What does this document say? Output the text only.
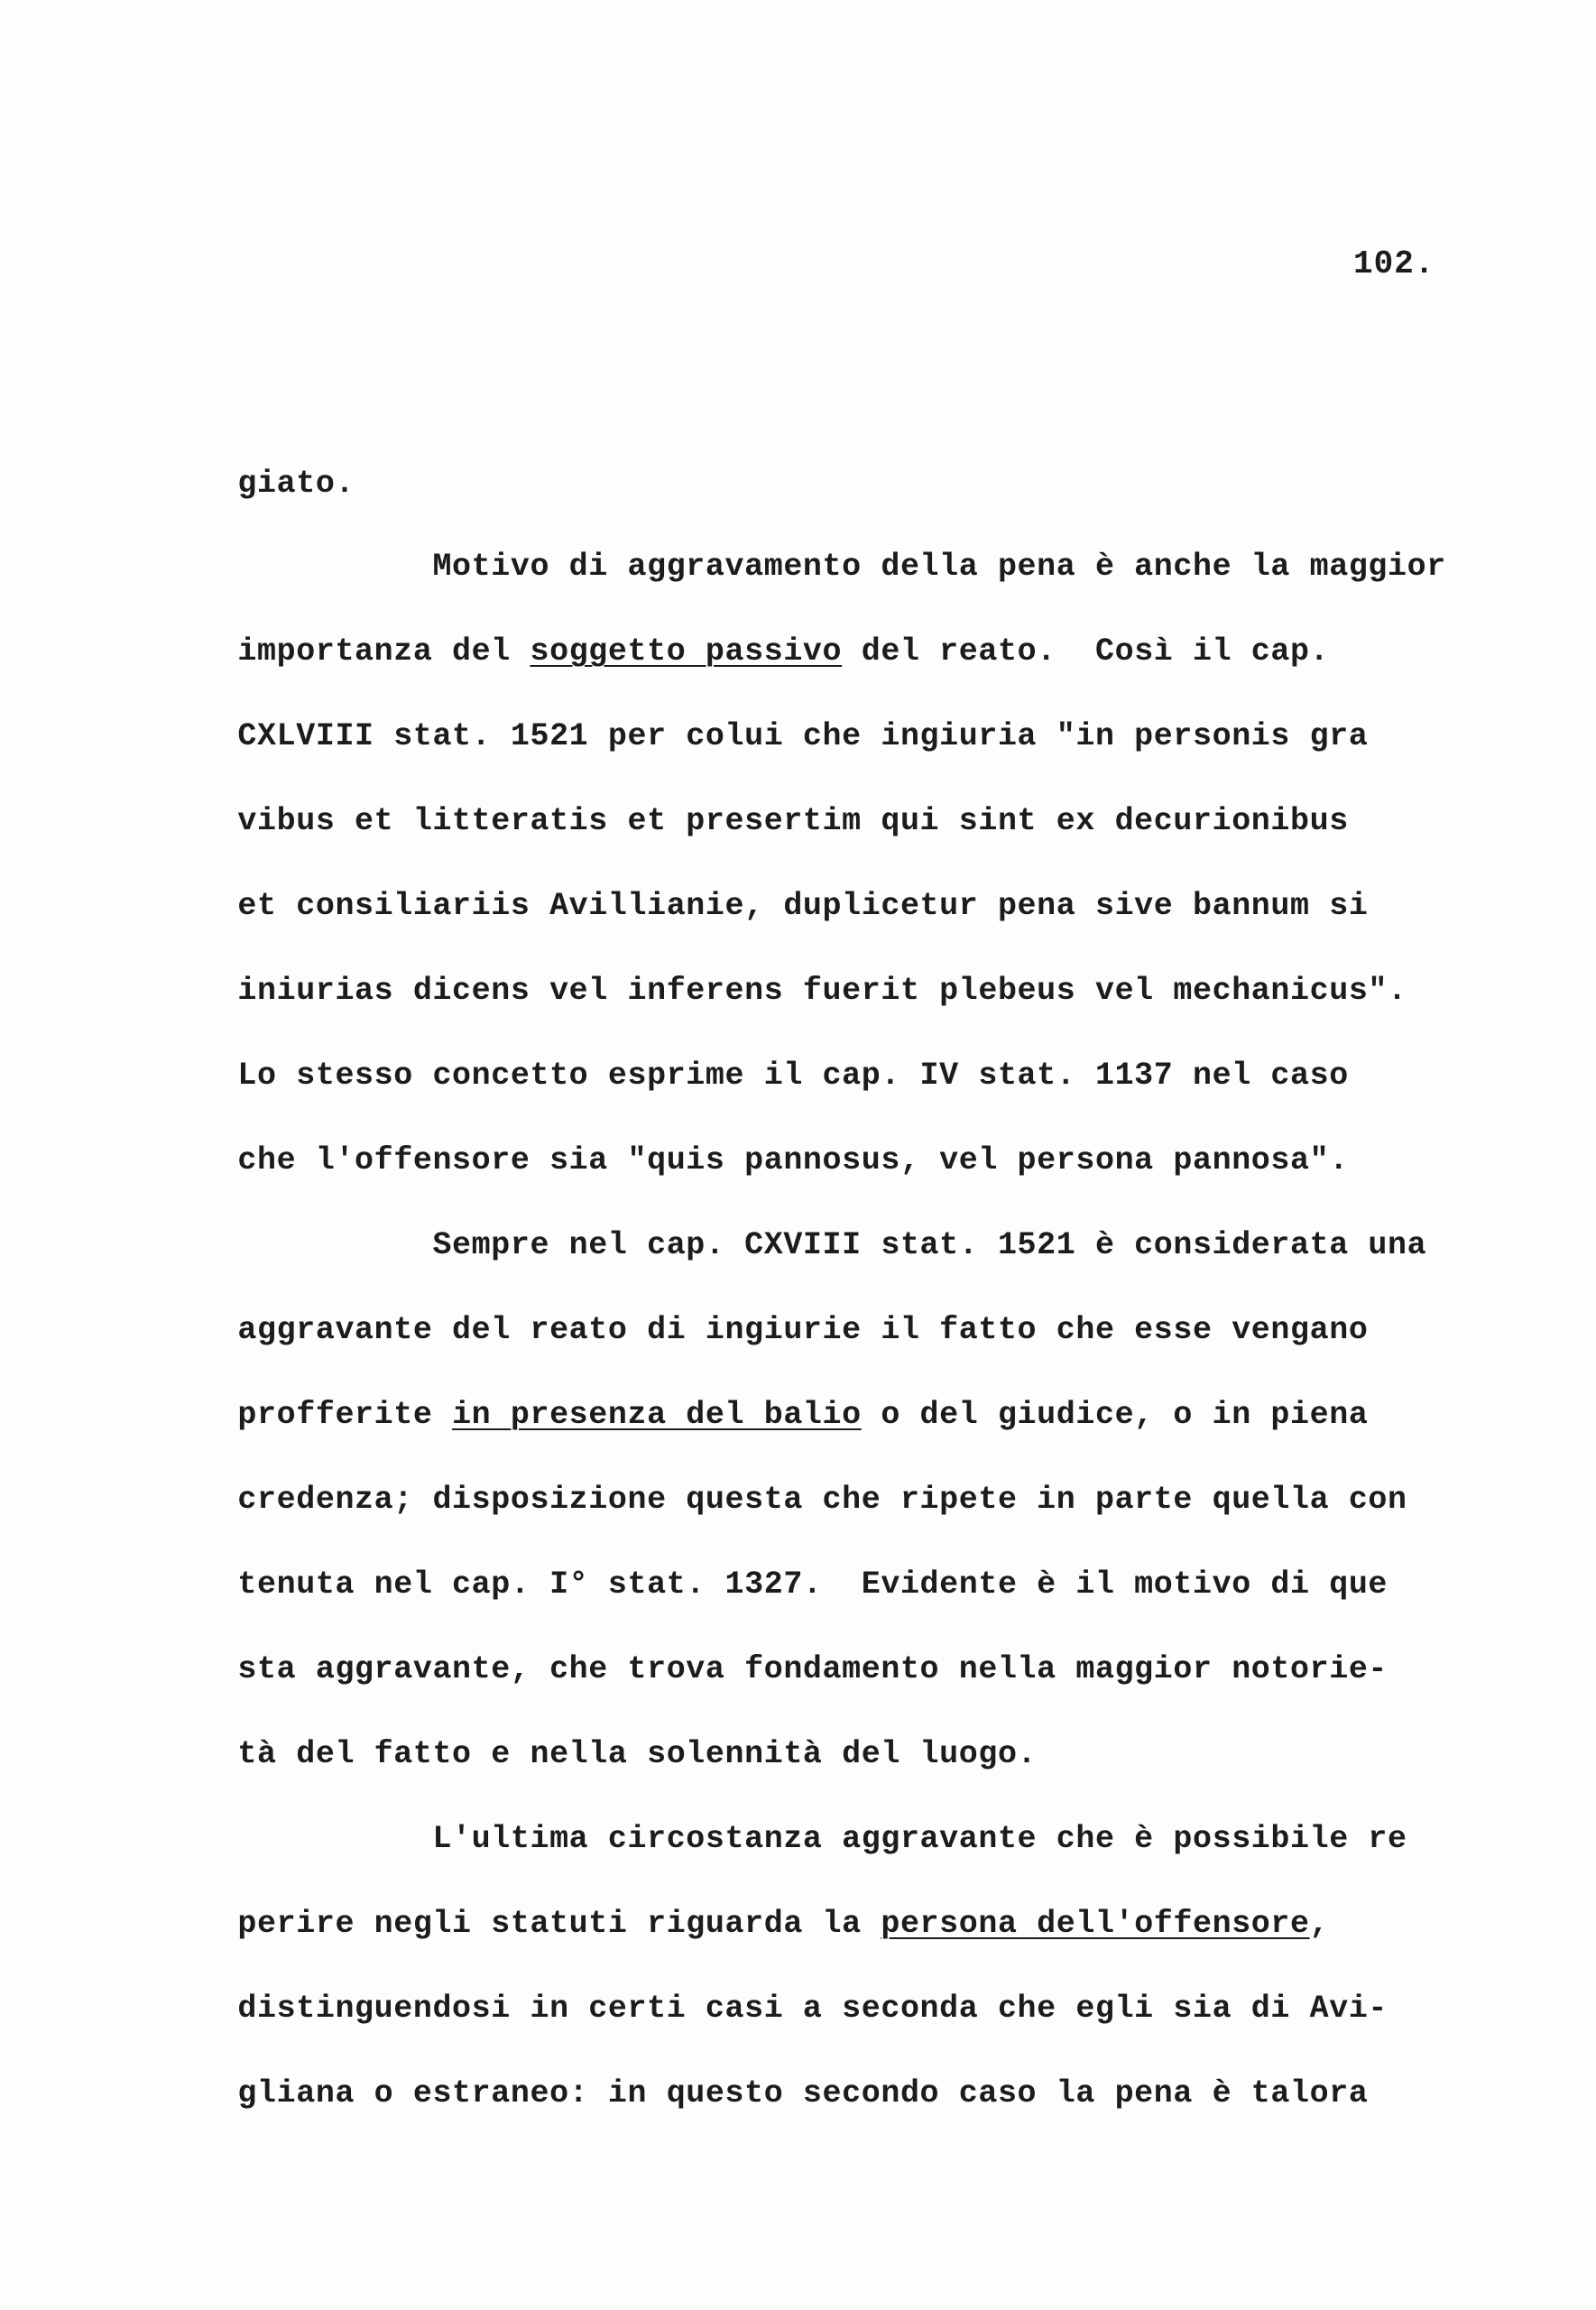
102.

giato.

Motivo di aggravamento della pena è anche la maggior

importanza del soggetto passivo del reato.  Così il cap.

CXLVIII stat. 1521 per colui che ingiuria "in personis gra

vibus et litteratis et presertim qui sint ex decurionibus

et consiliariis Avillianie, duplicetur pena sive bannum si

iniurias dicens vel inferens fuerit plebeus vel mechanicus".

Lo stesso concetto esprime il cap. IV stat. 1137 nel caso

che l'offensore sia "quis pannosus, vel persona pannosa".

Sempre nel cap. CXVIII stat. 1521 è considerata una

aggravante del reato di ingiurie il fatto che esse vengano

profferite in presenza del balio o del giudice, o in piena

credenza; disposizione questa che ripete in parte quella con

tenuta nel cap. I° stat. 1327.  Evidente è il motivo di que

sta aggravante, che trova fondamento nella maggior notorie-

tà del fatto e nella solennità del luogo.

L'ultima circostanza aggravante che è possibile re

perire negli statuti riguarda la persona dell'offensore,

distinguendosi in certi casi a seconda che egli sia di Avi-

gliana o estraneo: in questo secondo caso la pena è talora
